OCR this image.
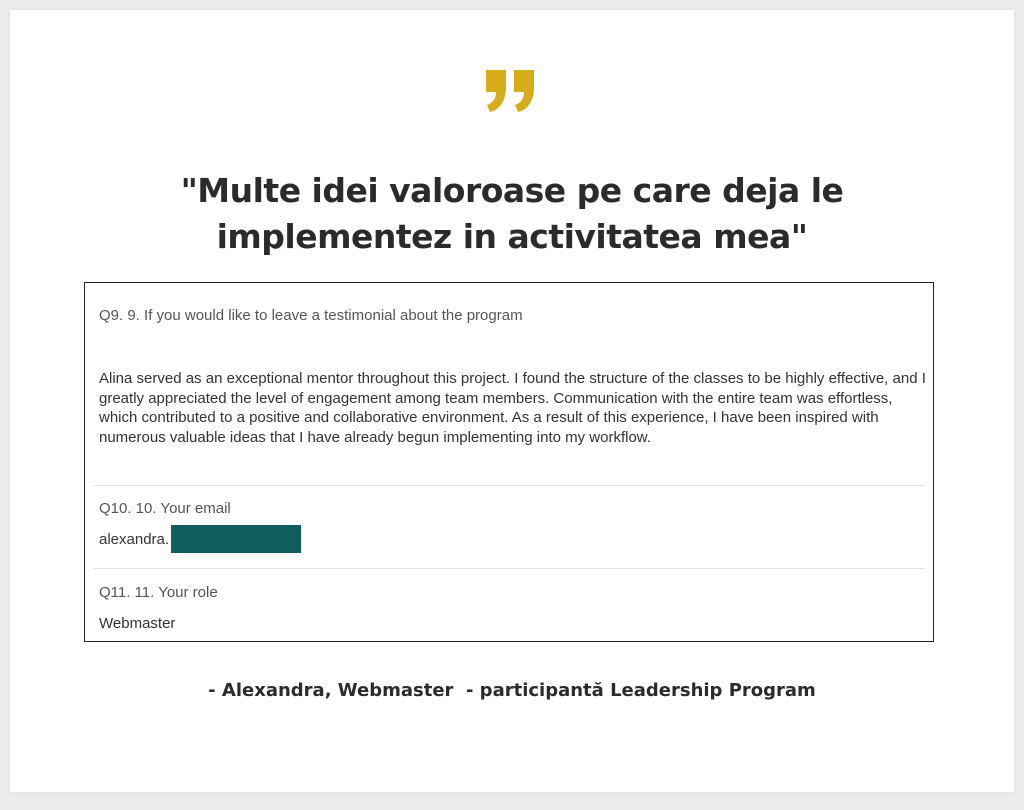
"Multe idei valoroase pe care deja le
implementez in activitatea mea"
Q9. 9. If you would like to leave a testimonial about the program
Alina served as an exceptional mentor throughout this project. I found the structure of the classes to be highly effective, and I greatly appreciated the level of engagement among team members. Communication with the entire team was effortless, which contributed to a positive and collaborative environment. As a result of this experience, I have been inspired with numerous valuable ideas that I have already begun implementing into my workflow.
Q10. 10. Your email
alexandra.
Q11. 11. Your role
Webmaster
- Alexandra, Webmaster  - participantă Leadership Program
